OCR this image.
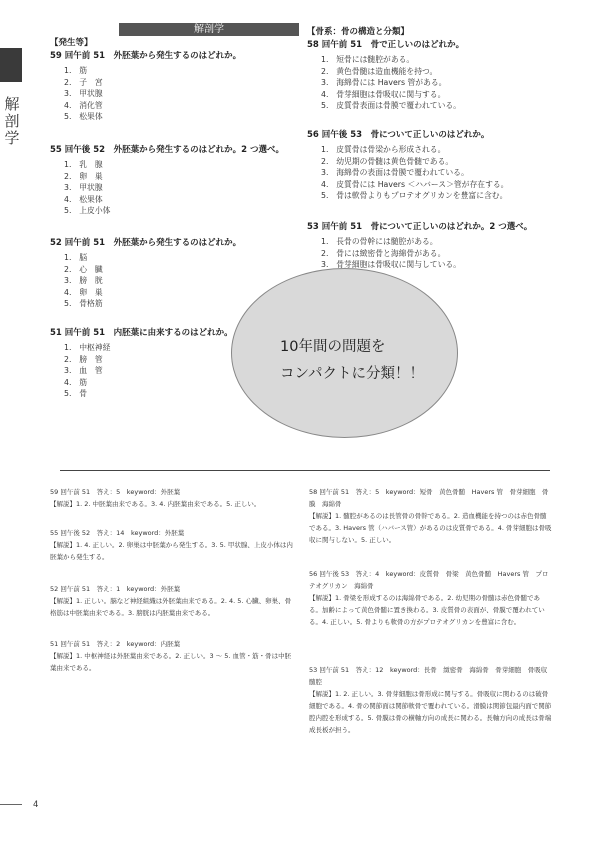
解剖学
解
剖
学
【発生等】
59 回午前 51　外胚葉から発生するのはどれか。
1.　筋
2.　子　宮
3.　甲状腺
4.　消化管
5.　松果体
55 回午後 52　外胚葉から発生するのはどれか。2 つ選べ。
1.　乳　腺
2.　卵　巣
3.　甲状腺
4.　松果体
5.　上皮小体
52 回午前 51　外胚葉から発生するのはどれか。
1.　脳
2.　心　臓
3.　膀　胱
4.　卵　巣
5.　骨格筋
51 回午前 51　内胚葉に由来するのはどれか。
1.　中枢神経
2.　膀　管
3.　血　管
4.　筋
5.　骨
【骨系：骨の構造と分類】
58 回午前 51　骨で正しいのはどれか。
1.　短骨には髄腔がある。
2.　黄色骨髄は造血機能を持つ。
3.　海綿骨には Havers 管がある。
4.　骨芽細胞は骨吸収に関与する。
5.　皮質骨表面は骨膜で覆われている。
56 回午後 53　骨について正しいのはどれか。
1.　皮質骨は骨梁から形成される。
2.　幼児期の骨髄は黄色骨髄である。
3.　海綿骨の表面は骨膜で覆われている。
4.　皮質骨には Havers ＜ハバース＞管が存在する。
5.　骨は軟骨よりもプロテオグリカンを豊富に含む。
53 回午前 51　骨について正しいのはどれか。2 つ選べ。
1.　長骨の骨幹には髄腔がある。
2.　骨には緻密骨と海綿骨がある。
3.　骨芽細胞は骨吸収に関与している。
10年間の問題を
コンパクトに分類！！
59 回午前 51　答え：5　keyword：外胚葉
【解説】1. 2. 中胚葉由来である。3. 4. 内胚葉由来である。5. 正しい。
55 回午後 52　答え：14　keyword：外胚葉
【解説】1. 4. 正しい。2. 卵巣は中胚葉から発生する。3. 5. 甲状腺、上皮小体は内胚葉から発生する。
52 回午前 51　答え：1　keyword：外胚葉
【解説】1. 正しい。脳など神経組織は外胚葉由来である。2. 4. 5. 心臓、卵巣、骨格筋は中胚葉由来である。3. 膀胱は内胚葉由来である。
51 回午前 51　答え：2　keyword：内胚葉
【解説】1. 中枢神経は外胚葉由来である。2. 正しい。3 〜 5. 血管・筋・骨は中胚葉由来である。
58 回午前 51　答え：5　keyword：短骨　黄色骨髄　Havers 管　骨芽細胞　骨膜　海綿骨
【解説】1. 髄腔があるのは長管骨の骨幹である。2. 造血機能を持つのは赤色骨髄である。3. Havers 管（ハバース管）があるのは皮質骨である。4. 骨芽細胞は骨吸収に関与しない。5. 正しい。
56 回午後 53　答え：4　keyword：皮質骨　骨梁　黄色骨髄　Havers 管　プロテオグリカン　海綿骨
【解説】1. 骨梁を形成するのは海綿骨である。2. 幼児期の骨髄は赤色骨髄である。加齢によって黄色骨髄に置き換わる。3. 皮質骨の表面が、骨膜で覆われている。4. 正しい。5. 骨よりも軟骨の方がプロテオグリカンを豊富に含む。
53 回午前 51　答え：12　keyword：長骨　緻密骨　海綿骨　骨芽細胞　骨吸収　髄腔
【解説】1. 2. 正しい。3. 骨芽細胞は骨形成に関与する。骨吸収に関わるのは破骨細胞である。4. 骨の関節面は関節軟骨で覆われている。滑膜は関節包最内面で関節腔内腔を形成する。5. 骨膜は骨の横軸方向の成長に関わる。長軸方向の成長は骨端成長板が担う。
4
